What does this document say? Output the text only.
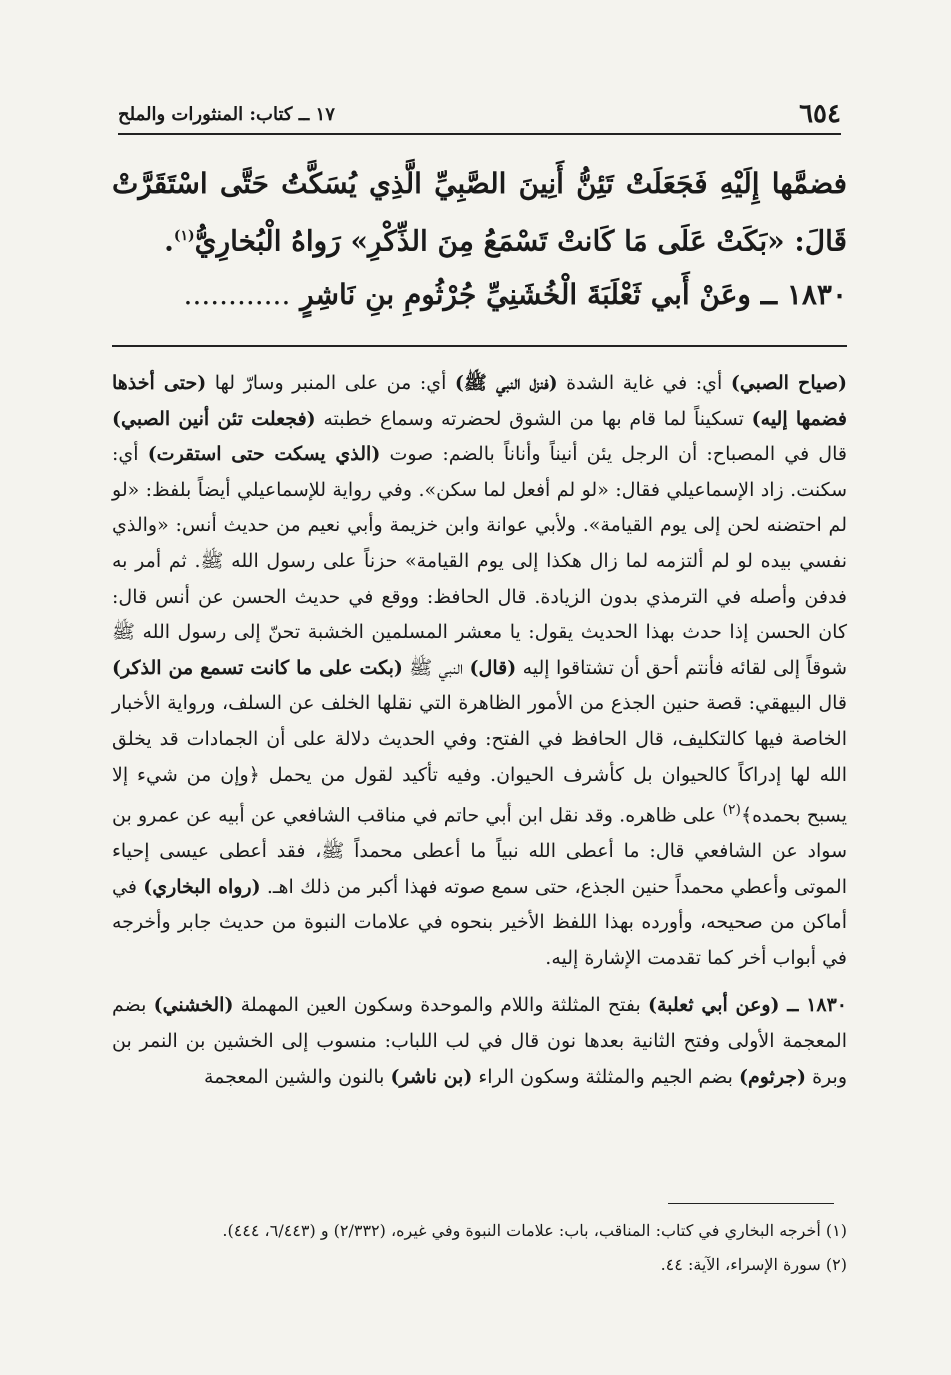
٦٥٤
١٧ ــ كتاب: المنثورات والملح

فضمَّها إِلَيْهِ فَجَعَلَتْ تَئِنُّ أَنِينَ الصَّبِيِّ الَّذِي يُسَكَّتُ حَتَّى اسْتَقَرَّتْ قَالَ: «بَكَتْ عَلَى مَا كَانتْ تَسْمَعُ مِنَ الذِّكْرِ» رَواهُ الْبُخارِيُّ$^{(١)}$.

١٨٣٠ ــ وعَنْ أَبي ثَعْلَبَةَ الْخُشَنِيِّ جُرْثُومِ بنِ نَاشِرٍ ............

(صياح الصبي) أي: في غاية الشدة (فنزل النبي ﷺ) أي: من على المنبر وسارّ لها (حتى أخذها فضمها إليه) تسكيناً لما قام بها من الشوق لحضرته وسماع خطبته (فجعلت تئن أنين الصبي) قال في المصباح: أن الرجل يئن أنيناً وأناناً بالضم: صوت (الذي يسكت حتى استقرت) أي: سكنت. زاد الإسماعيلي فقال: «لو لم أفعل لما سكن». وفي رواية للإسماعيلي أيضاً بلفظ: «لو لم احتضنه لحن إلى يوم القيامة». ولأبي عوانة وابن خزيمة وأبي نعيم من حديث أنس: «والذي نفسي بيده لو لم ألتزمه لما زال هكذا إلى يوم القيامة» حزناً على رسول الله ﷺ. ثم أمر به فدفن وأصله في الترمذي بدون الزيادة. قال الحافظ: ووقع في حديث الحسن عن أنس قال: كان الحسن إذا حدث بهذا الحديث يقول: يا معشر المسلمين الخشبة تحنّ إلى رسول الله ﷺ شوقاً إلى لقائه فأنتم أحق أن تشتاقوا إليه (قال) النبي ﷺ (بكت على ما كانت تسمع من الذكر) قال البيهقي: قصة حنين الجذع من الأمور الظاهرة التي نقلها الخلف عن السلف، ورواية الأخبار الخاصة فيها كالتكليف، قال الحافظ في الفتح: وفي الحديث دلالة على أن الجمادات قد يخلق الله لها إدراكاً كالحيوان بل كأشرف الحيوان. وفيه تأكيد لقول من يحمل ﴿وإن من شيء إلا يسبح بحمده﴾$^{(٢)}$ على ظاهره. وقد نقل ابن أبي حاتم في مناقب الشافعي عن أبيه عن عمرو بن سواد عن الشافعي قال: ما أعطى الله نبياً ما أعطى محمداً ﷺ، فقد أعطى عيسى إحياء الموتى وأعطي محمداً حنين الجذع، حتى سمع صوته فهذا أكبر من ذلك اهـ. (رواه البخاري) في أماكن من صحيحه، وأورده بهذا اللفظ الأخير بنحوه في علامات النبوة من حديث جابر وأخرجه في أبواب أخر كما تقدمت الإشارة إليه.

١٨٣٠ ــ (وعن أبي ثعلبة) بفتح المثلثة واللام والموحدة وسكون العين المهملة (الخشني) بضم المعجمة الأولى وفتح الثانية بعدها نون قال في لب اللباب: منسوب إلى الخشين بن النمر بن وبرة (جرثوم) بضم الجيم والمثلثة وسكون الراء (بن ناشر) بالنون والشين المعجمة

(١) أخرجه البخاري في كتاب: المناقب، باب: علامات النبوة وفي غيره، (٢/٣٣٢) و (٦/٤٤٣، ٤٤٤).
(٢) سورة الإسراء، الآية: ٤٤.
